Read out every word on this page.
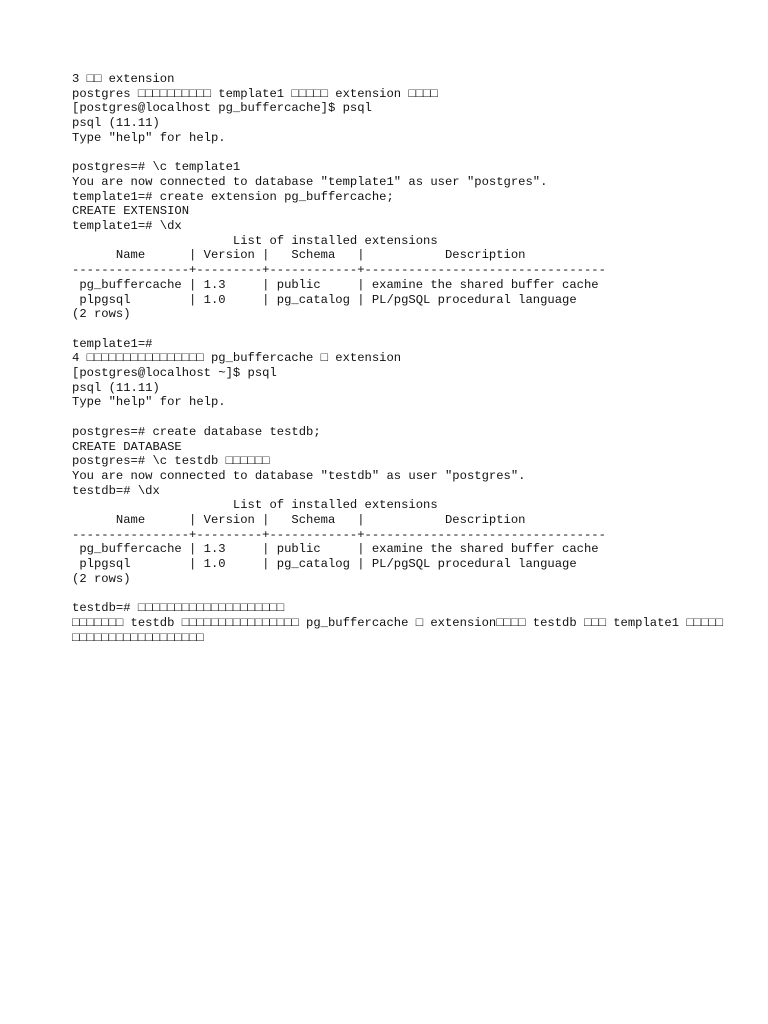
3 □□ extension
postgres □□□□□□□□□□ template1 □□□□□ extension □□□□
[postgres@localhost pg_buffercache]$ psql
psql (11.11)
Type "help" for help.
postgres=# \c template1
You are now connected to database "template1" as user "postgres".
template1=# create extension pg_buffercache;
CREATE EXTENSION
template1=# \dx
List of installed extensions
Name      | Version |   Schema   |           Description
----------------+---------+------------+---------------------------------
pg_buffercache | 1.3     | public     | examine the shared buffer cache
plpgsql        | 1.0     | pg_catalog | PL/pgSQL procedural language
(2 rows)
template1=#
4 □□□□□□□□□□□□□□□□ pg_buffercache □ extension
[postgres@localhost ~]$ psql
psql (11.11)
Type "help" for help.
postgres=# create database testdb;
CREATE DATABASE
postgres=# \c testdb □□□□□□
You are now connected to database "testdb" as user "postgres".
testdb=# \dx
List of installed extensions
Name      | Version |   Schema   |           Description
----------------+---------+------------+---------------------------------
pg_buffercache | 1.3     | public     | examine the shared buffer cache
plpgsql        | 1.0     | pg_catalog | PL/pgSQL procedural language
(2 rows)
testdb=# □□□□□□□□□□□□□□□□□□□□
□□□□□□□ testdb □□□□□□□□□□□□□□□□ pg_buffercache □ extension□□□□ testdb □□□ template1 □□□□□
□□□□□□□□□□□□□□□□□□
